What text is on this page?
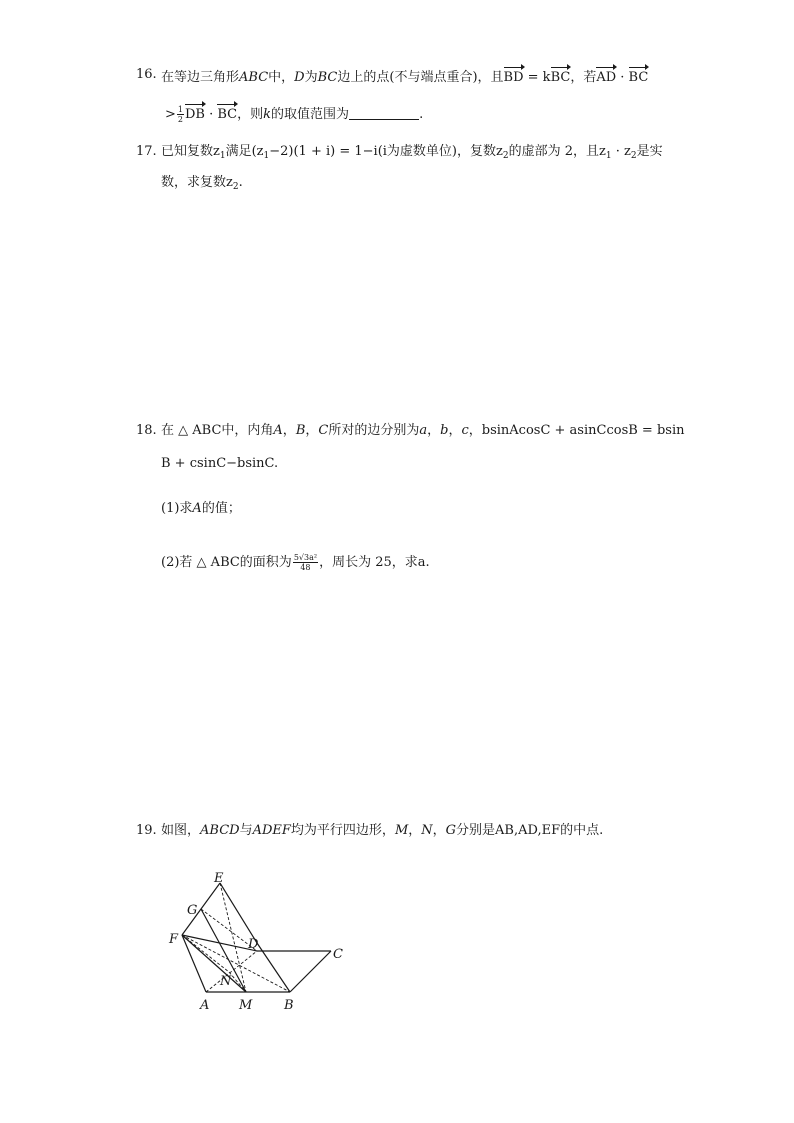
16. 在等边三角形ABC中，D为BC边上的点(不与端点重合)，且BD = kBC，若AD · BC
> $\frac{1}{2}$ DB · BC，则k的取值范围为	.
17. 已知复数$z_1$满足$(z_1-2)(1 + i) = 1-i(i$为虚数单位)，复数$z_2$的虚部为 2，且$z_1 \cdot z_2$是实
数，求复数$z_2$.
18. 在 △ ABC中，内角A，B，C所对的边分别为a，b，c，bsinAcosC + asinCcosB = bsin
B + csinC−bsinC.
(1)求A的值；
(2)若 △ ABC的面积为 $\frac{\text{5√3a²}}{48}$ ，周长为 25，求a.
19. 如图，ABCD与ADEF均为平行四边形，M，N，G分别是AB,AD,EF的中点.
E
G
F	D
C
N
A M B
